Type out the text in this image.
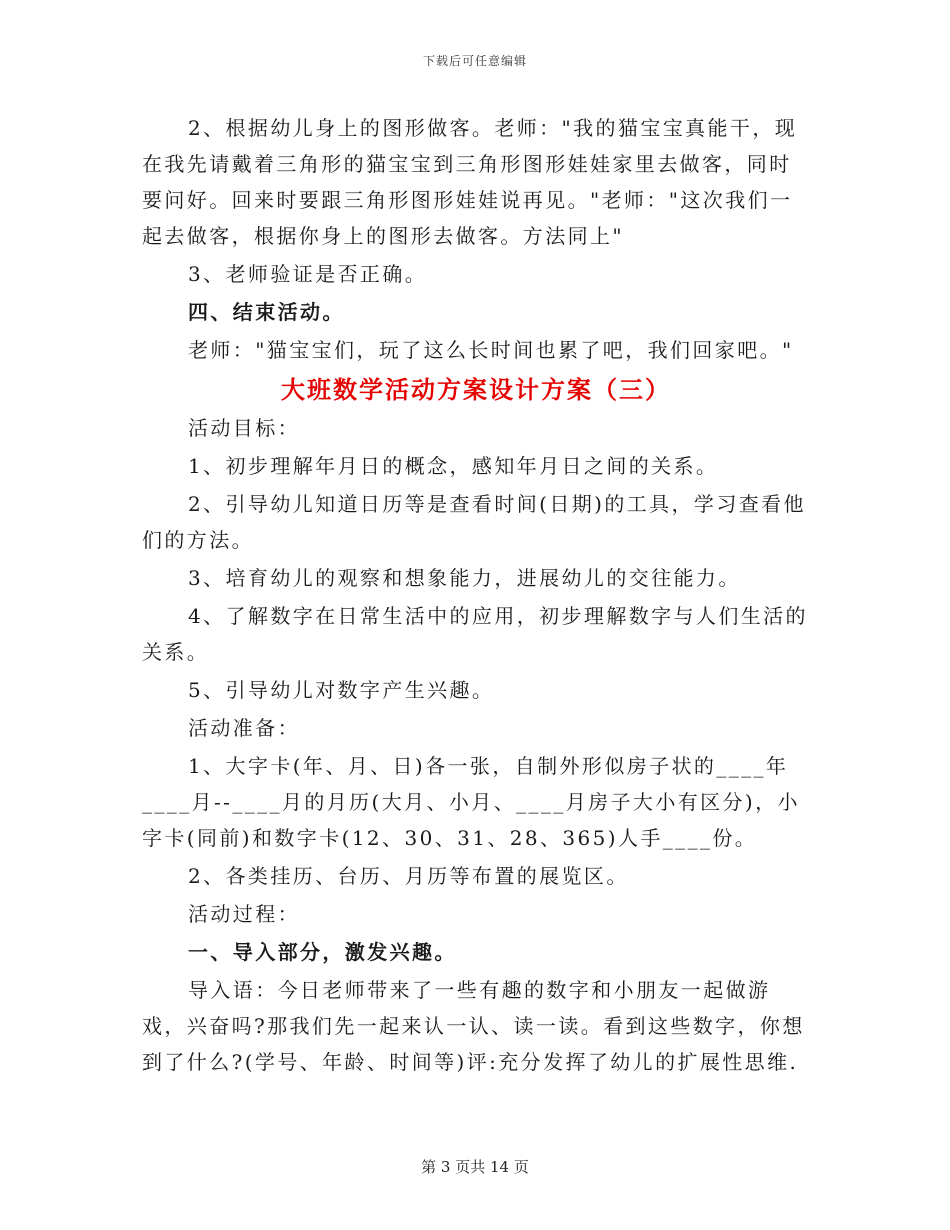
下载后可任意编辑

2、根据幼儿身上的图形做客。老师："我的猫宝宝真能干，现在我先请戴着三角形的猫宝宝到三角形图形娃娃家里去做客，同时要问好。回来时要跟三角形图形娃娃说再见。"老师："这次我们一起去做客，根据你身上的图形去做客。方法同上"

3、老师验证是否正确。

四、结束活动。

老师："猫宝宝们，玩了这么长时间也累了吧，我们回家吧。"

大班数学活动方案设计方案（三）

活动目标：

1、初步理解年月日的概念，感知年月日之间的关系。

2、引导幼儿知道日历等是查看时间(日期)的工具，学习查看他们的方法。

3、培育幼儿的观察和想象能力，进展幼儿的交往能力。

4、了解数字在日常生活中的应用，初步理解数字与人们生活的关系。

5、引导幼儿对数字产生兴趣。

活动准备：

1、大字卡(年、月、日)各一张，自制外形似房子状的____年____月--____月的月历(大月、小月、____月房子大小有区分)，小字卡(同前)和数字卡(12、30、31、28、365)人手____份。

2、各类挂历、台历、月历等布置的展览区。

活动过程：

一、导入部分，激发兴趣。

导入语：今日老师带来了一些有趣的数字和小朋友一起做游戏，兴奋吗?那我们先一起来认一认、读一读。看到这些数字，你想到了什么?(学号、年龄、时间等)评:充分发挥了幼儿的扩展性思维.

第 3 页共 14 页
